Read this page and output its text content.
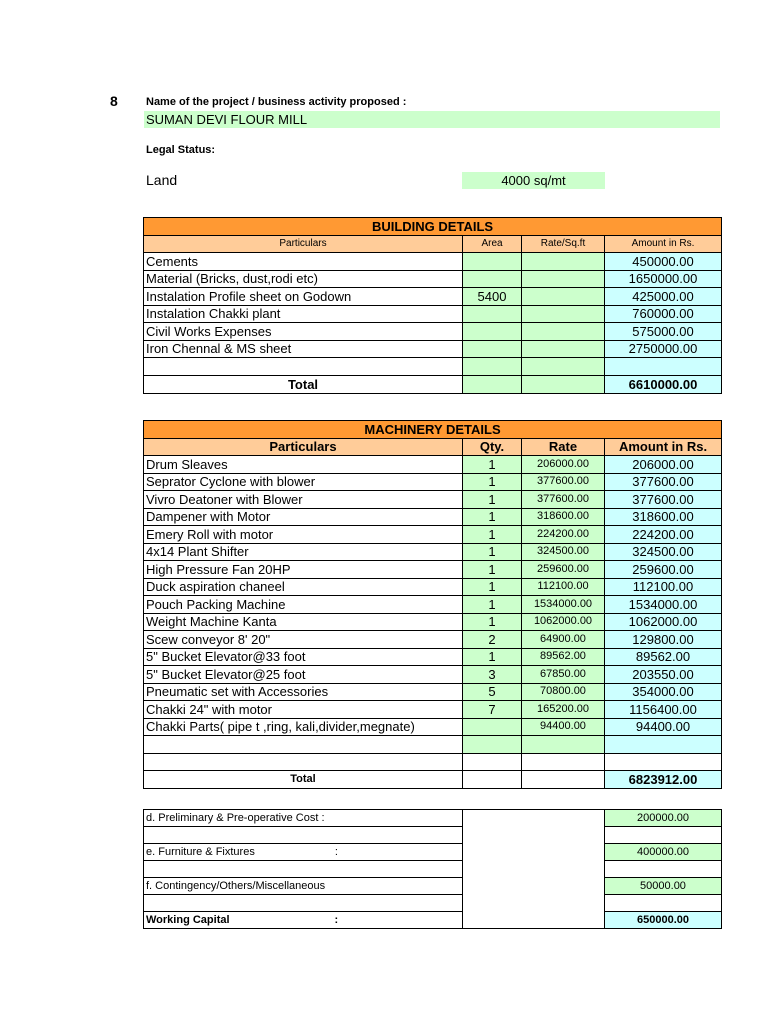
8	Name of the project / business activity proposed :
SUMAN DEVI FLOUR MILL
Legal Status:
Land	4000 sq/mt
BUILDING DETAILS			
Particulars	Area	Rate/Sq.ft	Amount in Rs.
Cements			450000.00
Material (Bricks, dust,rodi etc)			1650000.00
Instalation Profile sheet on Godown	5400		425000.00
Instalation Chakki plant			760000.00
Civil Works Expenses			575000.00
Iron Chennal & MS sheet			2750000.00

Total			6610000.00
MACHINERY DETAILS			
Particulars	Qty.	Rate	Amount in Rs.
Drum Sleaves	1	206000.00	206000.00
Seprator Cyclone with blower	1	377600.00	377600.00
Vivro Deatoner with Blower	1	377600.00	377600.00
Dampener with Motor	1	318600.00	318600.00
Emery Roll with motor	1	224200.00	224200.00
4x14 Plant Shifter	1	324500.00	324500.00
High Pressure Fan 20HP	1	259600.00	259600.00
Duck aspiration chaneel	1	112100.00	112100.00
Pouch Packing Machine	1	1534000.00	1534000.00
Weight Machine Kanta	1	1062000.00	1062000.00
Scew conveyor 8' 20"	2	64900.00	129800.00
5" Bucket Elevator@33 foot	1	89562.00	89562.00
5" Bucket Elevator@25 foot	3	67850.00	203550.00
Pneumatic set with Accessories	5	70800.00	354000.00
Chakki 24" with motor	7	165200.00	1156400.00
Chakki Parts( pipe t ,ring, kali,divider,megnate)		94400.00	94400.00

Total			6823912.00
d. Preliminary & Pre-operative Cost :		200000.00

e. Furniture & Fixtures :		400000.00

f. Contingency/Others/Miscellaneous		50000.00

Working Capital :		650000.00
